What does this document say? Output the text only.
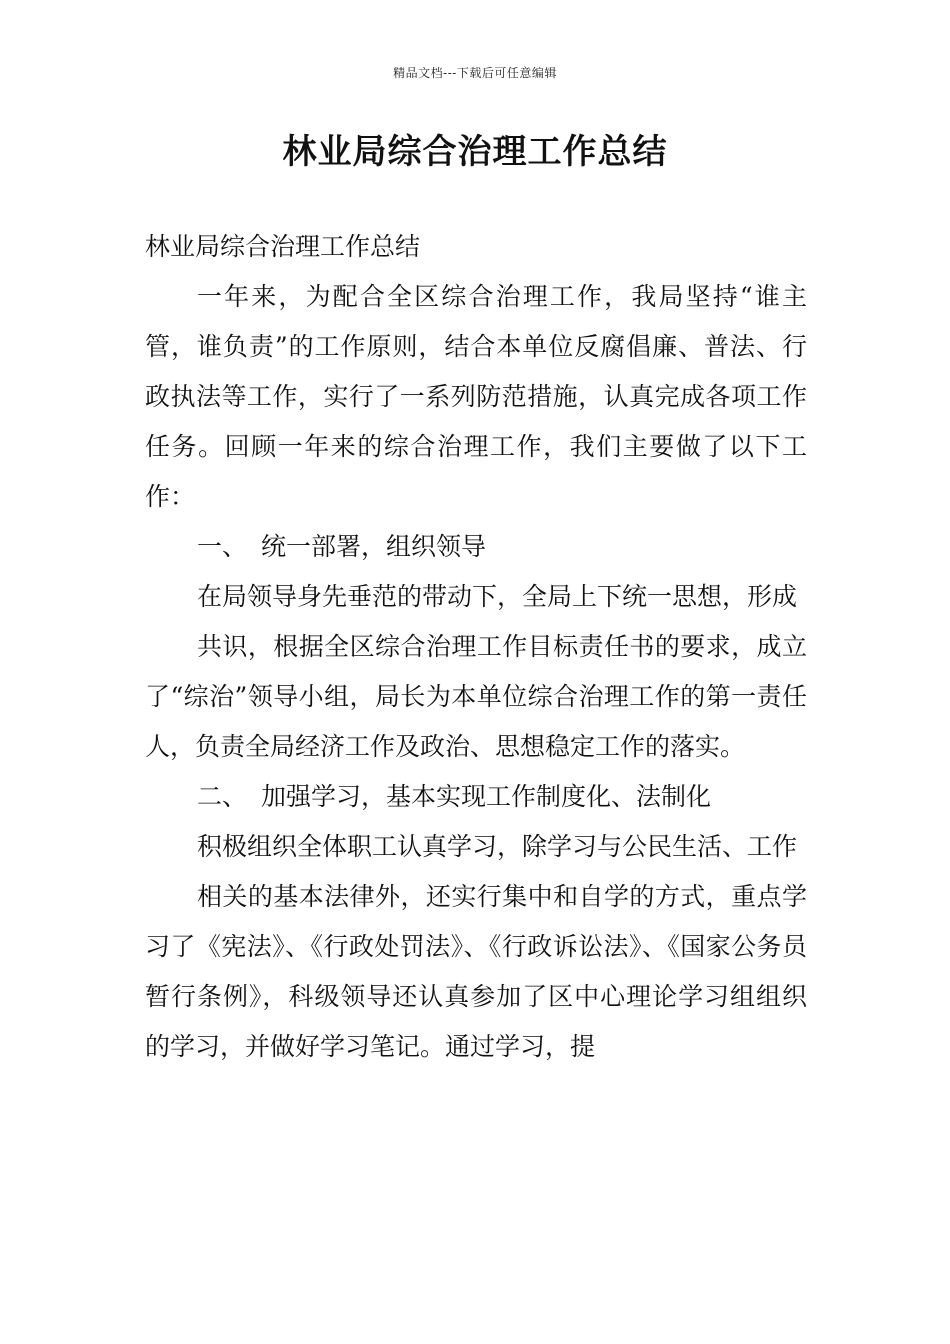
精品文档---下载后可任意编辑
林业局综合治理工作总结

林业局综合治理工作总结

一年来，为配合全区综合治理工作，我局坚持“谁主管，谁负责”的工作原则，结合本单位反腐倡廉、普法、行政执法等工作，实行了一系列防范措施，认真完成各项工作任务。回顾一年来的综合治理工作，我们主要做了以下工作：

一、 统一部署，组织领导

在局领导身先垂范的带动下，全局上下统一思想，形成

共识，根据全区综合治理工作目标责任书的要求，成立了“综治”领导小组，局长为本单位综合治理工作的第一责任人，负责全局经济工作及政治、思想稳定工作的落实。

二、 加强学习，基本实现工作制度化、法制化

积极组织全体职工认真学习，除学习与公民生活、工作

相关的基本法律外，还实行集中和自学的方式，重点学习了《宪法》、《行政处罚法》、《行政诉讼法》、《国家公务员暂行条例》，科级领导还认真参加了区中心理论学习组组织的学习，并做好学习笔记。通过学习，提
